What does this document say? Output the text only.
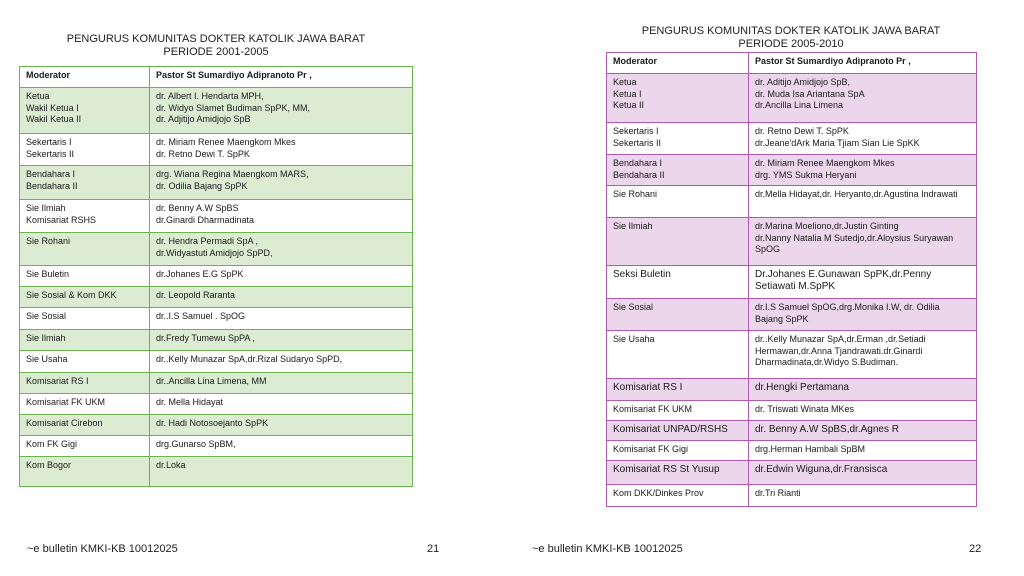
PENGURUS KOMUNITAS DOKTER KATOLIK JAWA BARAT
PERIODE 2001-2005
Moderator	Pastor St Sumardiyo Adipranoto Pr ,

Ketua
Wakil Ketua I
Wakil Ketua II	dr. Albert I. Hendarta MPH,
dr. Widyo Slamet Budiman SpPK, MM,
dr. Adjitijo Amidjojo SpB

Sekertaris I
Sekertaris II	dr. Miriam Renee Maengkom Mkes
dr. Retno Dewi T. SpPK

Bendahara I
Bendahara II	drg. Wiana Regina Maengkom MARS,
dr. Odilia Bajang SpPK

Sie Ilmiah
Komisariat RSHS	dr. Benny A.W SpBS
dr.Ginardi Dharmadinata

Sie Rohani	dr. Hendra Permadi SpA ,
dr.Widyastuti Amidjojo SpPD,

Sie Buletin	dr.Johanes E.G SpPK

Sie Sosial & Kom DKK	dr. Leopold Raranta

Sie Sosial	dr..I.S Samuel . SpOG

Sie Ilmiah	dr.Fredy Tumewu SpPA ,

Sie Usaha	dr..Kelly Munazar SpA,dr.Rizal Sudaryo SpPD,

Komisariat RS I	dr..Ancilla Lina Limena, MM

Komisariat FK UKM	dr. Mella Hidayat

Komisariat Cirebon	dr. Hadi Notosoejanto SpPK

Kom FK Gigi	drg.Gunarso SpBM,

Kom Bogor	dr.Loka
~e bulletin KMKI-KB 10012025	21
PENGURUS KOMUNITAS DOKTER KATOLIK JAWA BARAT
PERIODE 2005-2010
Moderator	Pastor St Sumardiyo Adipranoto Pr ,

Ketua
Ketua I
Ketua II	dr. Aditijo Amidjojo SpB,
dr. Muda Isa Ariantana SpA
dr.Ancilla Lina Limena

Sekertaris I
Sekertaris II	dr. Retno Dewi T. SpPK
dr.Jeane'dArk Maria Tjiam Sian Lie SpKK

Bendahara I
Bendahara II	dr. Miriam Renee Maengkom Mkes
drg. YMS Sukma Heryani

Sie Rohani	dr.Mella Hidayat,dr. Heryanto,dr.Agustina Indrawati

Sie Ilmiah	dr.Marina Moeliono,dr.Justin Ginting
dr.Nanny Natalia M Sutedjo,dr.Aloysius Suryawan SpOG

Seksi Buletin	Dr.Johanes E.Gunawan SpPK,dr.Penny Setiawati M.SpPK

Sie Sosial	dr.I.S Samuel SpOG,drg.Monika I.W, dr. Odilia Bajang SpPK

Sie Usaha	dr..Kelly Munazar SpA,dr.Erman ,dr.Setiadi Hermawan,dr.Anna Tjandrawati.dr.Ginardi Dharmadinata,dr.Widyo S.Budiman.

Komisariat RS I	dr.Hengki Pertamana

Komisariat FK UKM	dr. Triswati Winata MKes

Komisariat UNPAD/RSHS	dr. Benny A.W SpBS,dr.Agnes R

Komisariat FK Gigi	drg.Herman Hambali SpBM

Komisariat RS St Yusup	dr.Edwin Wiguna,dr.Fransisca

Kom DKK/Dinkes Prov	dr.Tri Rianti
~e bulletin KMKI-KB 10012025	22
